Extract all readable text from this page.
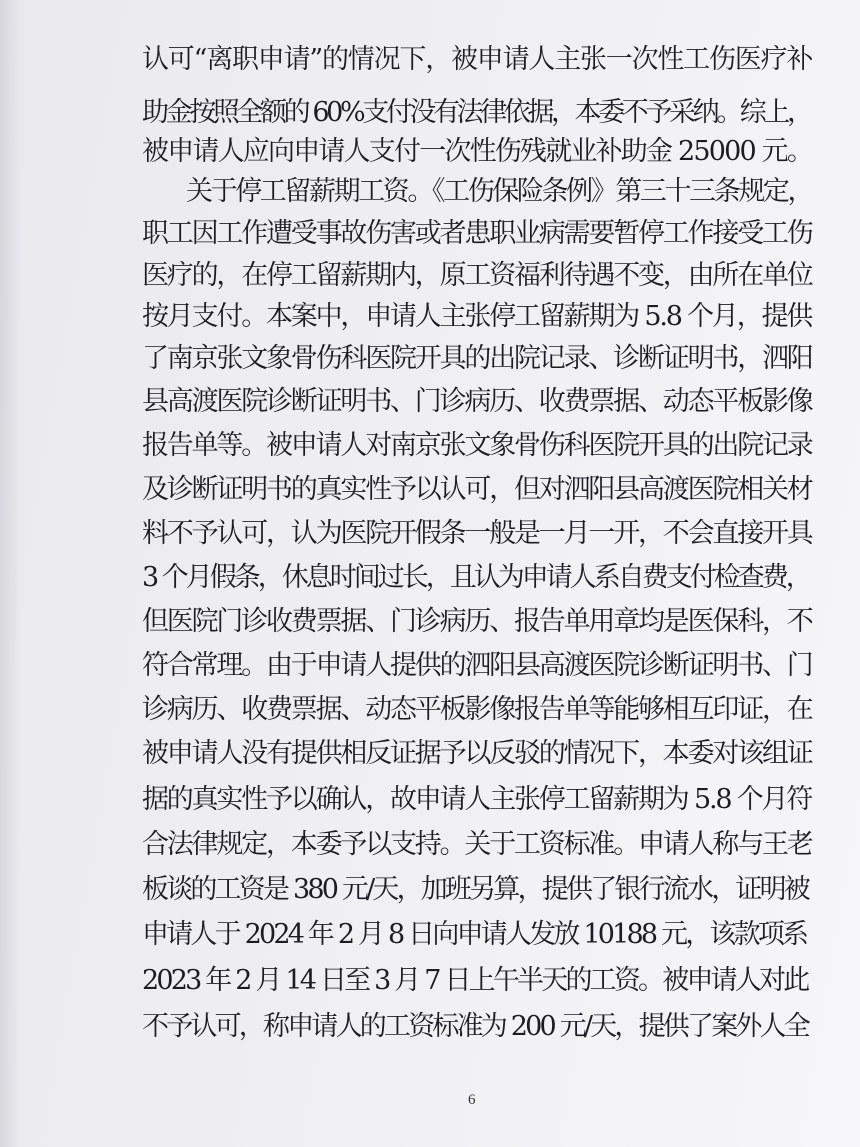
认可“离职申请”的情况下，被申请人主张一次性工伤医疗补
助金按照全额的 60%支付没有法律依据，本委不予采纳。综上，
被申请人应向申请人支付一次性伤残就业补助金 25000 元。
关于停工留薪期工资。《工伤保险条例》第三十三条规定，
职工因工作遭受事故伤害或者患职业病需要暂停工作接受工伤
医疗的，在停工留薪期内，原工资福利待遇不变，由所在单位
按月支付。本案中，申请人主张停工留薪期为 5.8 个月，提供
了南京张文象骨伤科医院开具的出院记录、诊断证明书，泗阳
县高渡医院诊断证明书、门诊病历、收费票据、动态平板影像
报告单等。被申请人对南京张文象骨伤科医院开具的出院记录
及诊断证明书的真实性予以认可，但对泗阳县高渡医院相关材
料不予认可，认为医院开假条一般是一月一开，不会直接开具
3 个月假条，休息时间过长，且认为申请人系自费支付检查费，
但医院门诊收费票据、门诊病历、报告单用章均是医保科，不
符合常理。由于申请人提供的泗阳县高渡医院诊断证明书、门
诊病历、收费票据、动态平板影像报告单等能够相互印证，在
被申请人没有提供相反证据予以反驳的情况下，本委对该组证
据的真实性予以确认，故申请人主张停工留薪期为 5.8 个月符
合法律规定，本委予以支持。关于工资标准。申请人称与王老
板谈的工资是 380 元/天，加班另算，提供了银行流水，证明被
申请人于 2024 年 2 月 8 日向申请人发放 10188 元，该款项系
2023 年 2 月 14 日至 3 月 7 日上午半天的工资。被申请人对此
不予认可，称申请人的工资标准为 200 元/天，提供了案外人全
6
